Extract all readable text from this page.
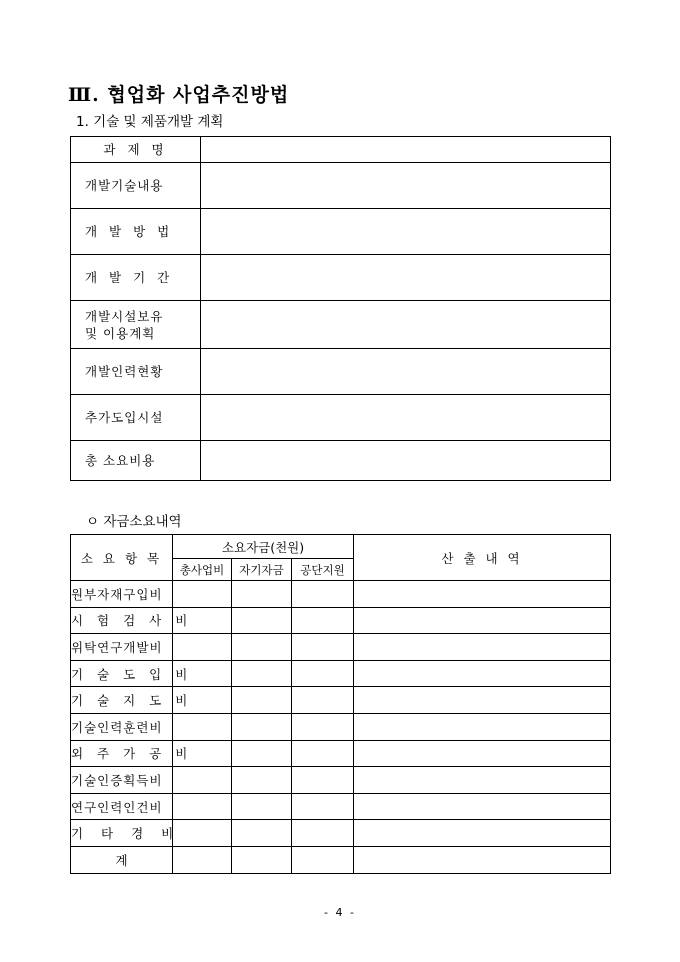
Ⅲ. 협업화 사업추진방법
1. 기술 및 제품개발 계획
과 제 명	
개발기술내용	
개 발 방 법	
개 발 기 간	

개발시설보유
및 이용계획	

개발인력현황	
추가도입시설	
총 소요비용	
ㅇ 자금소요내역
소 요 항 목	소요자금(천원)			산 출 내 역
	총사업비	자기자금	공단지원	
원부자재구입비				
시 험 검 사 비				
위탁연구개발비				
기 술 도 입 비				
기 술 지 도 비				
기술인력훈련비				
외 주 가 공 비				
기술인증획득비				
연구인력인건비				
기 타 경 비				
계				
- 4 -
